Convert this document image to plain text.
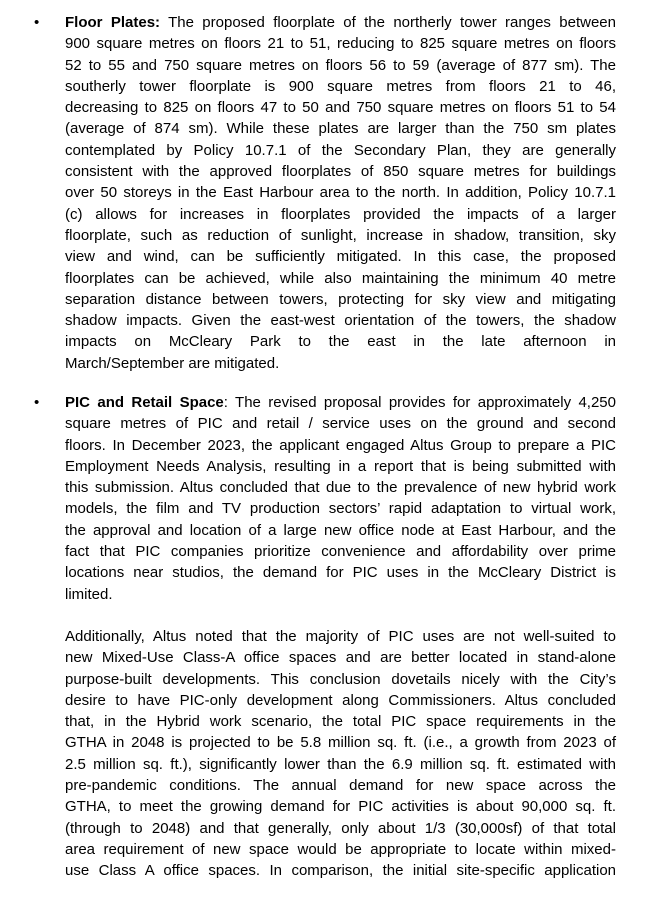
• Floor Plates: The proposed floorplate of the northerly tower ranges between
900 square metres on floors 21 to 51, reducing to 825 square metres on floors
52 to 55 and 750 square metres on floors 56 to 59 (average of 877 sm). The
southerly tower floorplate is 900 square metres from floors 21 to 46,
decreasing to 825 on floors 47 to 50 and 750 square metres on floors 51 to 54
(average of 874 sm). While these plates are larger than the 750 sm plates
contemplated by Policy 10.7.1 of the Secondary Plan, they are generally
consistent with the approved floorplates of 850 square metres for buildings
over 50 storeys in the East Harbour area to the north. In addition, Policy 10.7.1
(c) allows for increases in floorplates provided the impacts of a larger
floorplate, such as reduction of sunlight, increase in shadow, transition, sky
view and wind, can be sufficiently mitigated. In this case, the proposed
floorplates can be achieved, while also maintaining the minimum 40 metre
separation distance between towers, protecting for sky view and mitigating
shadow impacts. Given the east-west orientation of the towers, the shadow
impacts on McCleary Park to the east in the late afternoon in
March/September are mitigated.
• PIC and Retail Space: The revised proposal provides for approximately 4,250
square metres of PIC and retail / service uses on the ground and second
floors. In December 2023, the applicant engaged Altus Group to prepare a PIC
Employment Needs Analysis, resulting in a report that is being submitted with
this submission. Altus concluded that due to the prevalence of new hybrid work
models, the film and TV production sectors’ rapid adaptation to virtual work,
the approval and location of a large new office node at East Harbour, and the
fact that PIC companies prioritize convenience and affordability over prime
locations near studios, the demand for PIC uses in the McCleary District is
limited.
Additionally, Altus noted that the majority of PIC uses are not well-suited to
new Mixed-Use Class-A office spaces and are better located in stand-alone
purpose-built developments. This conclusion dovetails nicely with the City’s
desire to have PIC-only development along Commissioners. Altus concluded
that, in the Hybrid work scenario, the total PIC space requirements in the
GTHA in 2048 is projected to be 5.8 million sq. ft. (i.e., a growth from 2023 of
2.5 million sq. ft.), significantly lower than the 6.9 million sq. ft. estimated with
pre-pandemic conditions. The annual demand for new space across the
GTHA, to meet the growing demand for PIC activities is about 90,000 sq. ft.
(through to 2048) and that generally, only about 1/3 (30,000sf) of that total
area requirement of new space would be appropriate to locate within mixed-
use Class A office spaces. In comparison, the initial site-specific application
